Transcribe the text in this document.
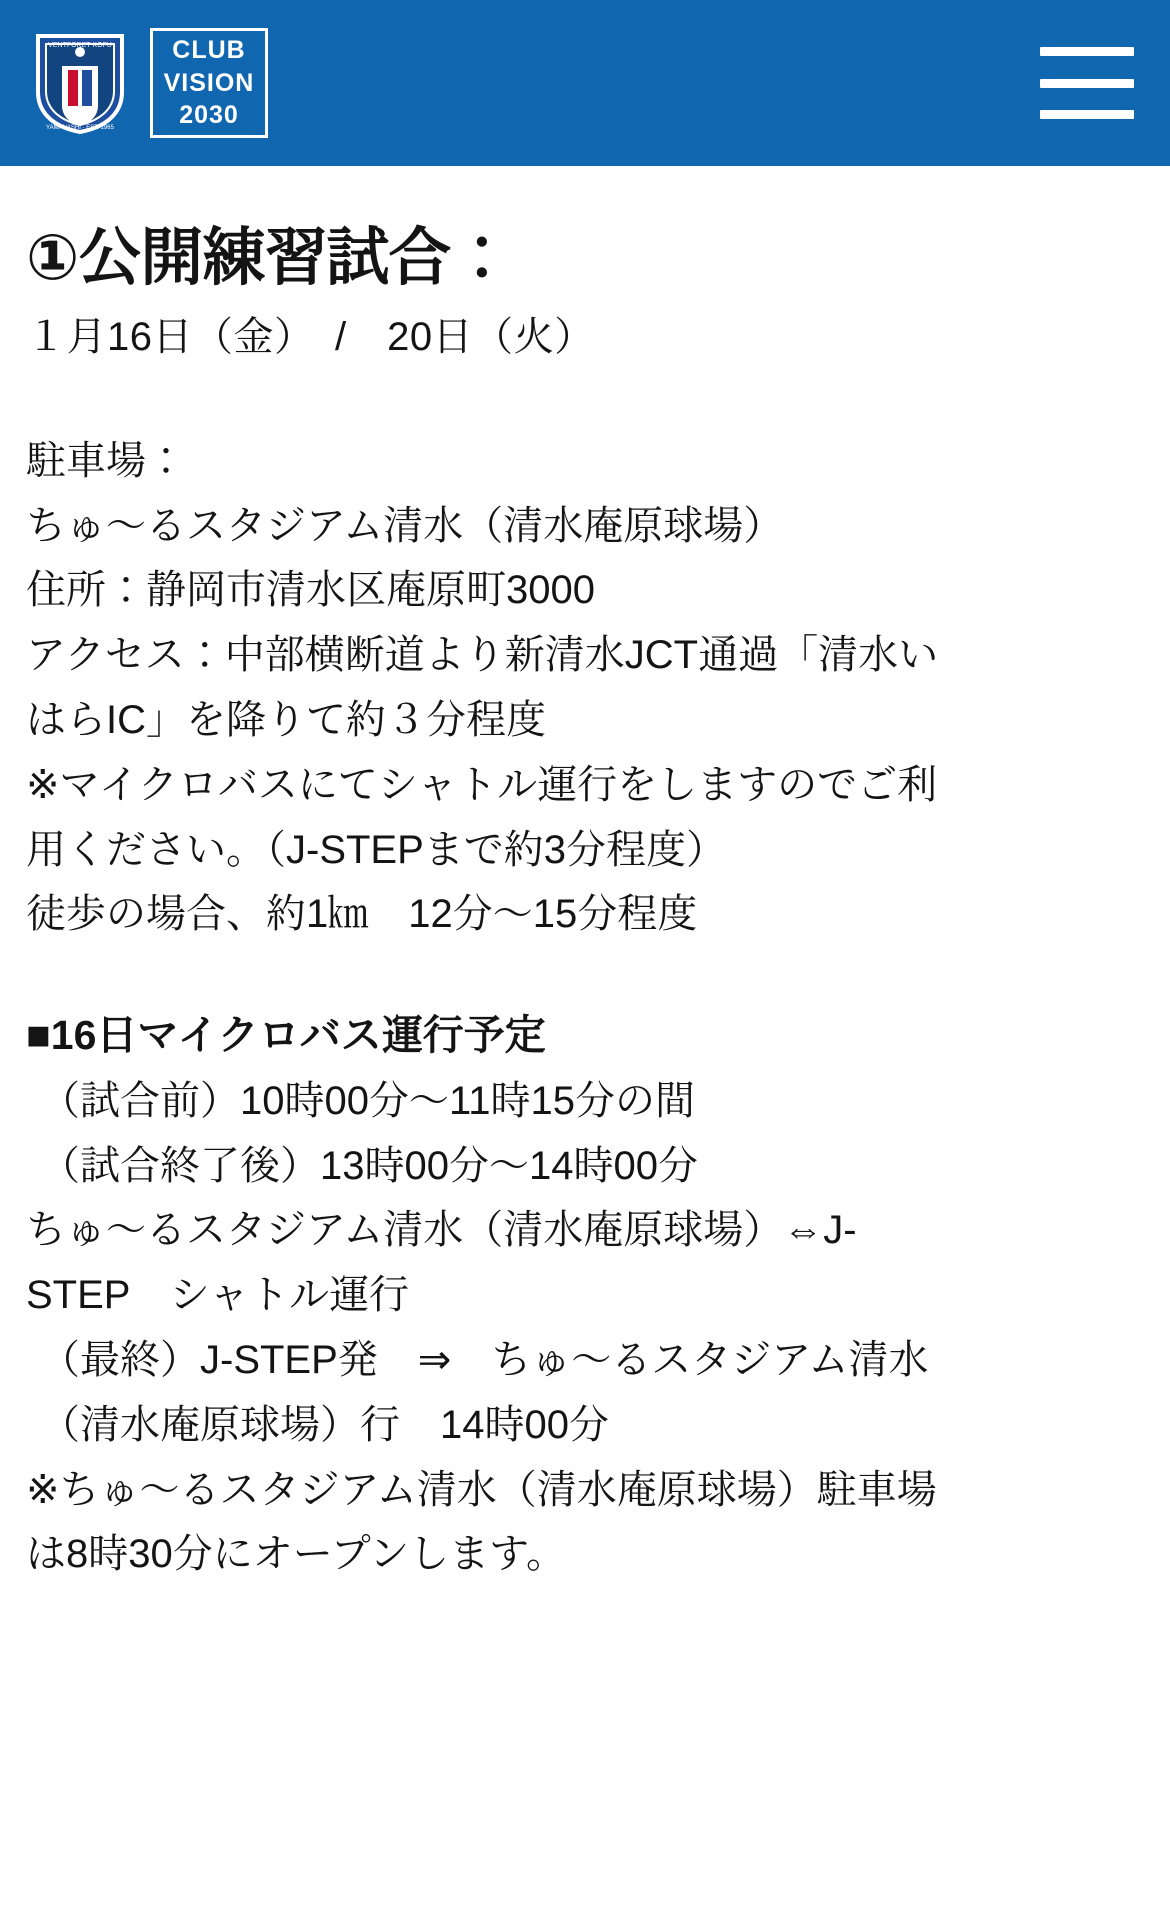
VENTFORET KOFU
YAMANASHI · EST. 1965
CLUB
VISION
2030
①公開練習試合：
１月16日（金）　/　20日（火）

駐車場：

ちゅ〜るスタジアム清水（清水庵原球場）

住所：静岡市清水区庵原町3000

アクセス：中部横断道より新清水JCT通過「清水い

はらIC」を降りて約３分程度

※マイクロバスにてシャトル運行をしますのでご利

用ください。（J-STEPまで約3分程度）

徒歩の場合、約1㎞　12分〜15分程度

■16日マイクロバス運行予定

（試合前）10時00分〜11時15分の間

（試合終了後）13時00分〜14時00分

ちゅ〜るスタジアム清水（清水庵原球場）⇔J-

STEP　シャトル運行

（最終）J-STEP発　⇒　ちゅ〜るスタジアム清水

（清水庵原球場）行　14時00分

※ちゅ〜るスタジアム清水（清水庵原球場）駐車場

は8時30分にオープンします。
